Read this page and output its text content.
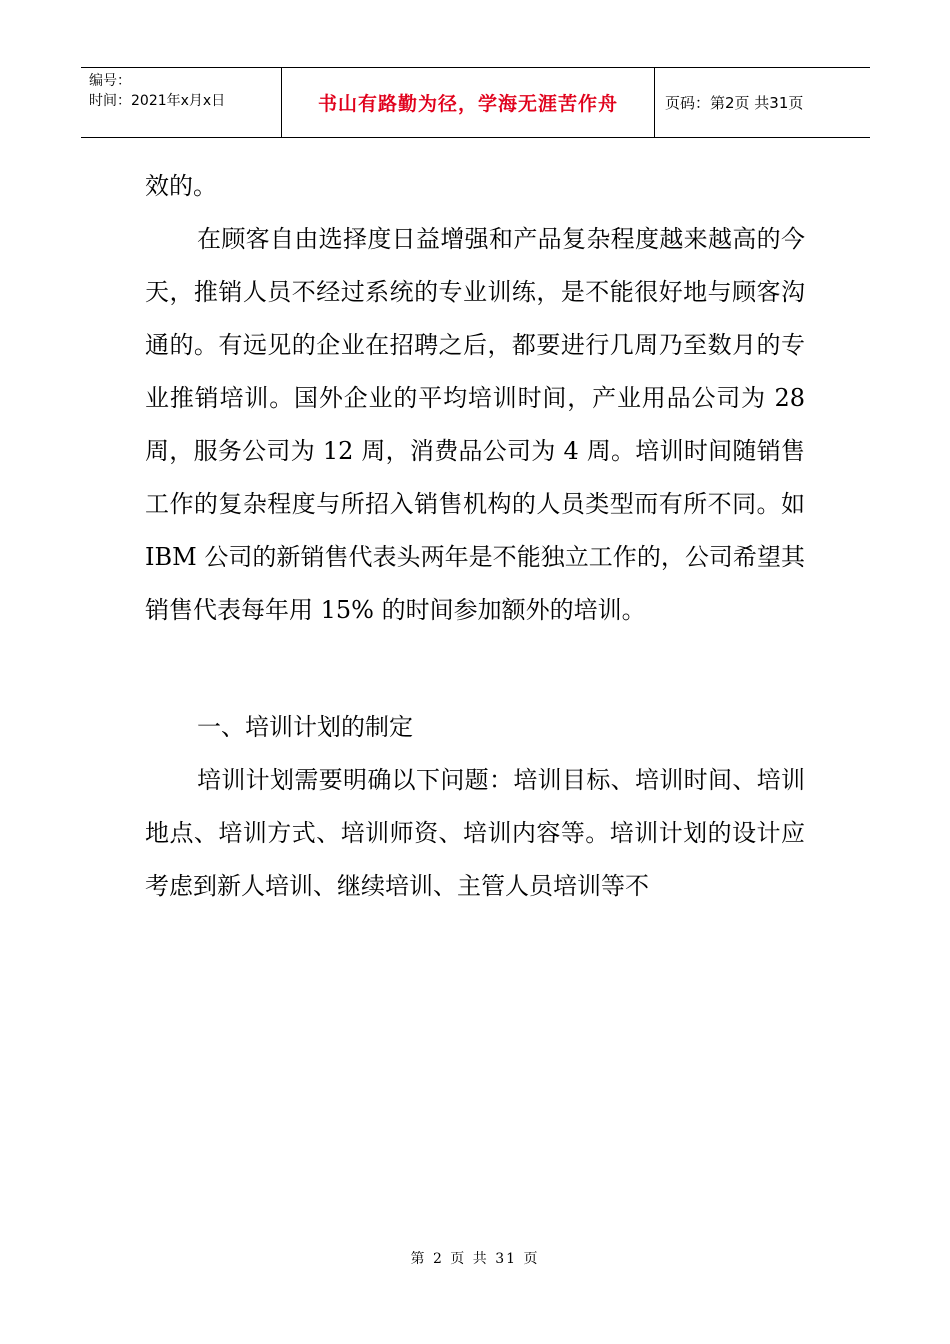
编号：
时间：2021年x月x日	书山有路勤为径，学海无涯苦作舟	页码：第2页 共31页

效的。

在顾客自由选择度日益增强和产品复杂程度越来越高的今天，推销人员不经过系统的专业训练，是不能很好地与顾客沟通的。有远见的企业在招聘之后，都要进行几周乃至数月的专业推销培训。国外企业的平均培训时间，产业用品公司为 28 周，服务公司为 12 周，消费品公司为 4 周。培训时间随销售工作的复杂程度与所招入销售机构的人员类型而有所不同。如 IBM 公司的新销售代表头两年是不能独立工作的，公司希望其销售代表每年用 15% 的时间参加额外的培训。

一、培训计划的制定

培训计划需要明确以下问题：培训目标、培训时间、培训地点、培训方式、培训师资、培训内容等。培训计划的设计应考虑到新人培训、继续培训、主管人员培训等不

第 2 页 共 31 页
